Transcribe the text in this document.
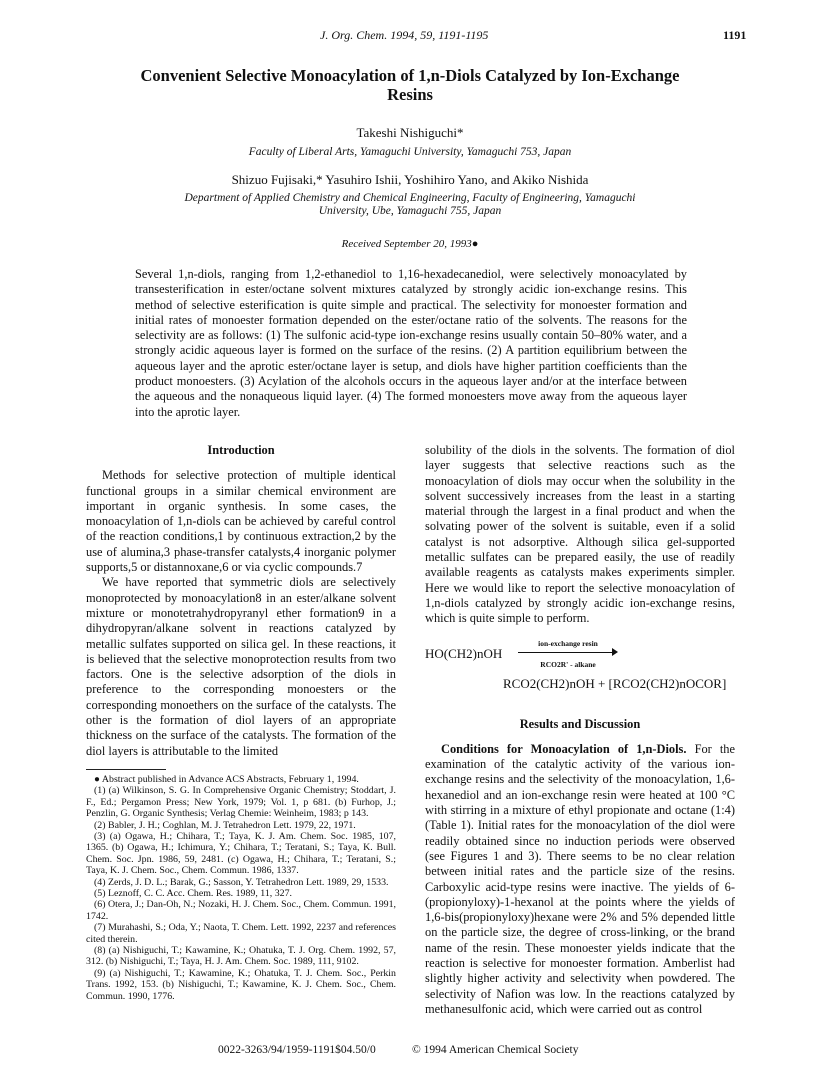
J. Org. Chem. 1994, 59, 1191-1195	1191
Convenient Selective Monoacylation of 1,n-Diols Catalyzed by Ion-Exchange Resins
Takeshi Nishiguchi*
Faculty of Liberal Arts, Yamaguchi University, Yamaguchi 753, Japan
Shizuo Fujisaki,* Yasuhiro Ishii, Yoshihiro Yano, and Akiko Nishida
Department of Applied Chemistry and Chemical Engineering, Faculty of Engineering, Yamaguchi University, Ube, Yamaguchi 755, Japan
Received September 20, 1993●
Several 1,n-diols, ranging from 1,2-ethanediol to 1,16-hexadecanediol, were selectively monoacylated by transesterification in ester/octane solvent mixtures catalyzed by strongly acidic ion-exchange resins. This method of selective esterification is quite simple and practical. The selectivity for monoester formation and initial rates of monoester formation depended on the ester/octane ratio of the solvents. The reasons for the selectivity are as follows: (1) The sulfonic acid-type ion-exchange resins usually contain 50–80% water, and a strongly acidic aqueous layer is formed on the surface of the resins. (2) A partition equilibrium between the aqueous layer and the aprotic ester/octane layer is setup, and diols have higher partition coefficients than the product monoesters. (3) Acylation of the alcohols occurs in the aqueous layer and/or at the interface between the aqueous and the nonaqueous liquid layer. (4) The formed monoesters move away from the aqueous layer into the aprotic layer.
Introduction

Methods for selective protection of multiple identical functional groups in a similar chemical environment are important in organic synthesis. In some cases, the monoacylation of 1,n-diols can be achieved by careful control of the reaction conditions,1 by continuous extraction,2 by the use of alumina,3 phase-transfer catalysts,4 inorganic polymer supports,5 or distannoxane,6 or via cyclic compounds.7

We have reported that symmetric diols are selectively monoprotected by monoacylation8 in an ester/alkane solvent mixture or monotetrahydropyranyl ether formation9 in a dihydropyran/alkane solvent in reactions catalyzed by metallic sulfates supported on silica gel. In these reactions, it is believed that the selective monoprotection results from two factors. One is the selective adsorption of the diols in preference to the corresponding monoesters or the corresponding monoethers on the surface of the catalysts. The other is the formation of diol layers of an appropriate thickness on the surface of the catalysts. The formation of the diol layers is attributable to the limited

● Abstract published in Advance ACS Abstracts, February 1, 1994.
(1) (a) Wilkinson, S. G. In Comprehensive Organic Chemistry; Stoddart, J. F., Ed.; Pergamon Press; New York, 1979; Vol. 1, p 681. (b) Furhop, J.; Penzlin, G. Organic Synthesis; Verlag Chemie: Weinheim, 1983; p 143.
(2) Babler, J. H.; Coghlan, M. J. Tetrahedron Lett. 1979, 22, 1971.
(3) (a) Ogawa, H.; Chihara, T.; Taya, K. J. Am. Chem. Soc. 1985, 107, 1365. (b) Ogawa, H.; Ichimura, Y.; Chihara, T.; Teratani, S.; Taya, K. Bull. Chem. Soc. Jpn. 1986, 59, 2481. (c) Ogawa, H.; Chihara, T.; Teratani, S.; Taya, K. J. Chem. Soc., Chem. Commun. 1986, 1337.
(4) Zerds, J. D. L.; Barak, G.; Sasson, Y. Tetrahedron Lett. 1989, 29, 1533.
(5) Leznoff, C. C. Acc. Chem. Res. 1989, 11, 327.
(6) Otera, J.; Dan-Oh, N.; Nozaki, H. J. Chem. Soc., Chem. Commun. 1991, 1742.
(7) Murahashi, S.; Oda, Y.; Naota, T. Chem. Lett. 1992, 2237 and references cited therein.
(8) (a) Nishiguchi, T.; Kawamine, K.; Ohatuka, T. J. Org. Chem. 1992, 57, 312. (b) Nishiguchi, T.; Taya, H. J. Am. Chem. Soc. 1989, 111, 9102.
(9) (a) Nishiguchi, T.; Kawamine, K.; Ohatuka, T. J. Chem. Soc., Perkin Trans. 1992, 153. (b) Nishiguchi, T.; Kawamine, K. J. Chem. Soc., Chem. Commun. 1990, 1776.

solubility of the diols in the solvents. The formation of diol layer suggests that selective reactions such as the monoacylation of diols may occur when the solubility in the solvent successively increases from the least in a starting material through the largest in a final product and when the solvating power of the solvent is suitable, even if a solid catalyst is not adsorptive. Although silica gel-supported metallic sulfates can be prepared easily, the use of readily available reagents as catalysts makes experiments simpler. Here we would like to report the selective monoacylation of 1,n-diols catalyzed by strongly acidic ion-exchange resins, which is quite simple to perform.

HO(CH2)nOH
ion-exchange resin
RCO2R' - alkane
RCO2(CH2)nOH + [RCO2(CH2)nOCOR]
Results and Discussion

Conditions for Monoacylation of 1,n-Diols. For the examination of the catalytic activity of the various ion-exchange resins and the selectivity of the monoacylation, 1,6-hexanediol and an ion-exchange resin were heated at 100 °C with stirring in a mixture of ethyl propionate and octane (1:4) (Table 1). Initial rates for the monoacylation of the diol were readily obtained since no induction periods were observed (see Figures 1 and 3). There seems to be no clear relation between initial rates and the particle size of the resins. Carboxylic acid-type resins were inactive. The yields of 6-(propionyloxy)-1-hexanol at the points where the yields of 1,6-bis(propionyloxy)hexane were 2% and 5% depended little on the particle size, the degree of cross-linking, or the brand name of the resin. These monoester yields indicate that the reaction is selective for monoester formation. Amberlist had slightly higher activity and selectivity when powdered. The selectivity of Nafion was low. In the reactions catalyzed by methanesulfonic acid, which were carried out as control

0022-3263/94/1959-1191$04.50/0	© 1994 American Chemical Society
